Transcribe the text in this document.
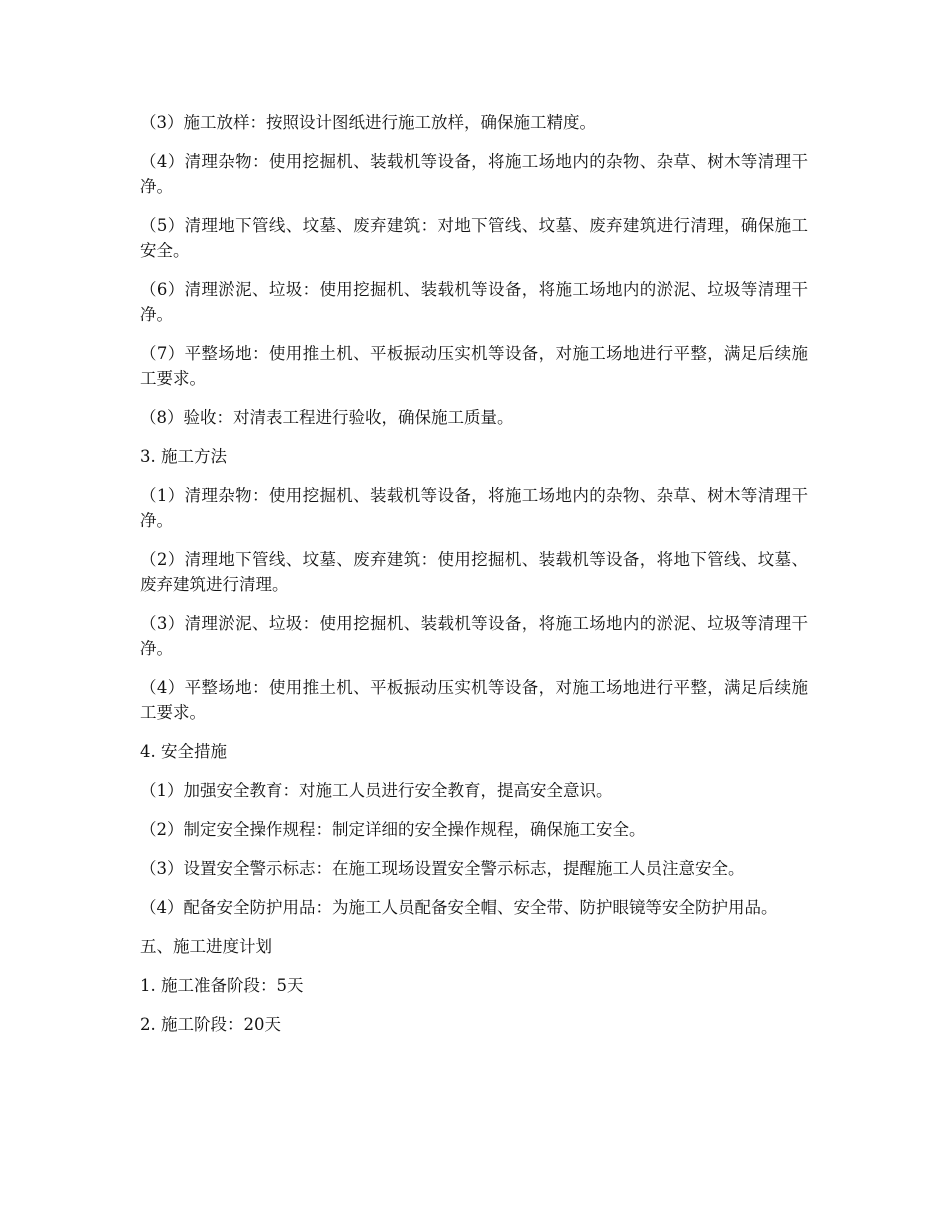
（3）施工放样：按照设计图纸进行施工放样，确保施工精度。

（4）清理杂物：使用挖掘机、装载机等设备，将施工场地内的杂物、杂草、树木等清理干净。

（5）清理地下管线、坟墓、废弃建筑：对地下管线、坟墓、废弃建筑进行清理，确保施工安全。

（6）清理淤泥、垃圾：使用挖掘机、装载机等设备，将施工场地内的淤泥、垃圾等清理干净。

（7）平整场地：使用推土机、平板振动压实机等设备，对施工场地进行平整，满足后续施工要求。

（8）验收：对清表工程进行验收，确保施工质量。

3. 施工方法

（1）清理杂物：使用挖掘机、装载机等设备，将施工场地内的杂物、杂草、树木等清理干净。

（2）清理地下管线、坟墓、废弃建筑：使用挖掘机、装载机等设备，将地下管线、坟墓、废弃建筑进行清理。

（3）清理淤泥、垃圾：使用挖掘机、装载机等设备，将施工场地内的淤泥、垃圾等清理干净。

（4）平整场地：使用推土机、平板振动压实机等设备，对施工场地进行平整，满足后续施工要求。

4. 安全措施

（1）加强安全教育：对施工人员进行安全教育，提高安全意识。

（2）制定安全操作规程：制定详细的安全操作规程，确保施工安全。

（3）设置安全警示标志：在施工现场设置安全警示标志，提醒施工人员注意安全。

（4）配备安全防护用品：为施工人员配备安全帽、安全带、防护眼镜等安全防护用品。

五、施工进度计划

1. 施工准备阶段：5天

2. 施工阶段：20天
